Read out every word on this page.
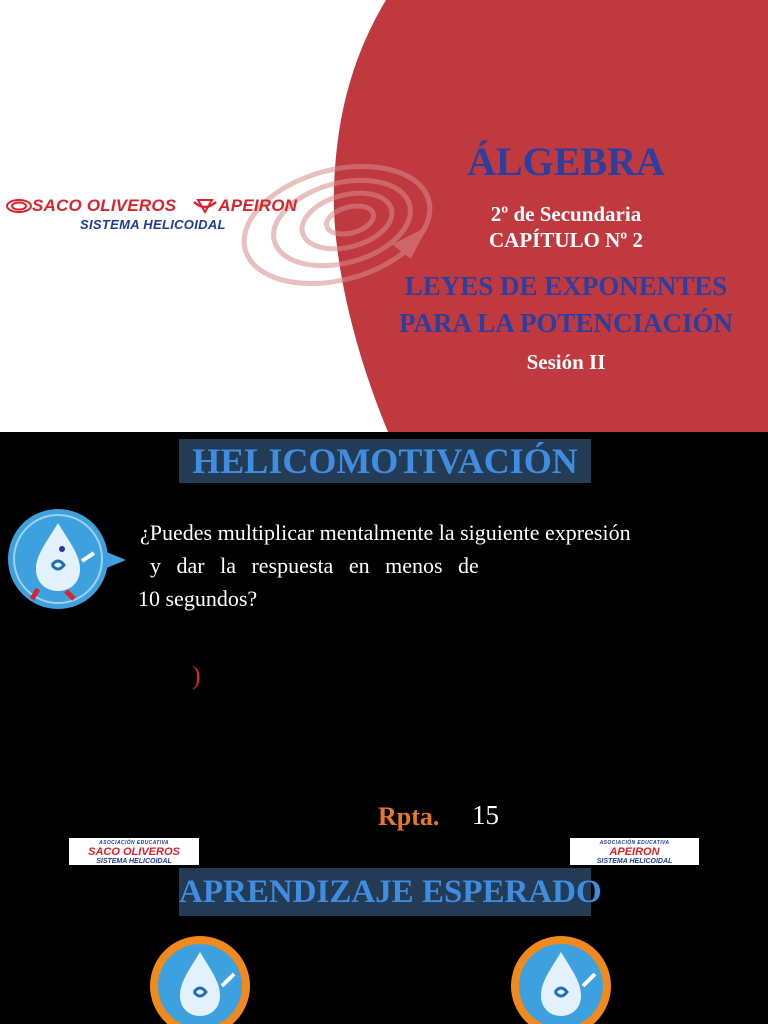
SACO OLIVEROS APEIRON
SISTEMA HELICOIDAL
ÁLGEBRA
2º de Secundaria
CAPÍTULO Nº 2
LEYES DE EXPONENTES
PARA LA POTENCIACIÓN
Sesión II
HELICOMOTIVACIÓN
¿Puedes multiplicar mentalmente la siguiente expresión
y dar la respuesta en menos de
10 segundos?
)
Rpta. 15
ASOCIACIÓN EDUCATIVA
SACO OLIVEROS
SISTEMA HELICOIDAL
ASOCIACIÓN EDUCATIVA
APEIRON
SISTEMA HELICOIDAL
APRENDIZAJE ESPERADO
